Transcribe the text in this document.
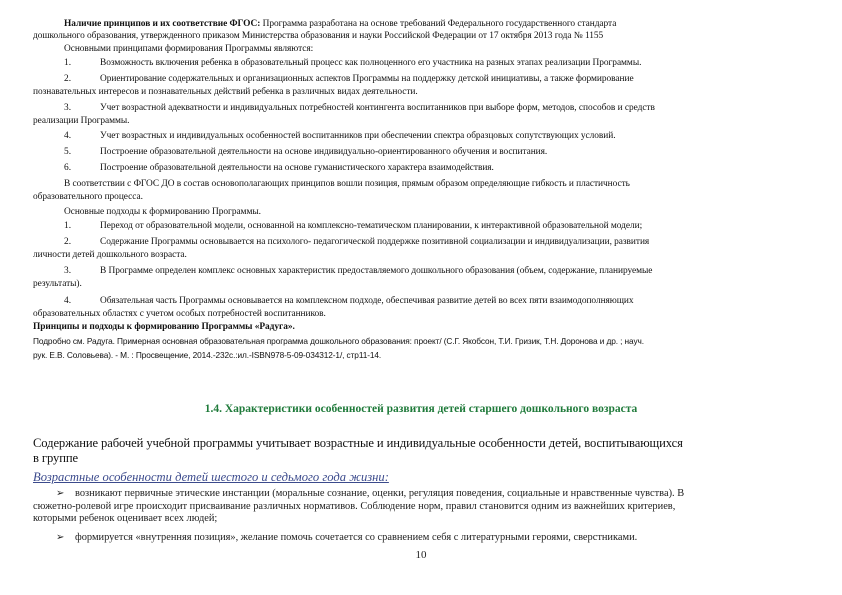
Наличие принципов и их соответствие ФГОС: Программа разработана на основе требований Федерального государственного стандарта
дошкольного образования, утвержденного приказом Министерства образования и науки Российской Федерации от 17 октября 2013 года № 1155
Основными принципами формирования Программы являются:
1.	Возможность включения ребенка в образовательный процесс как полноценного его участника на разных этапах реализации Программы.
2.	Ориентирование содержательных и организационных аспектов Программы на поддержку детской инициативы, а также формирование
познавательных интересов и познавательных действий ребенка в различных видах деятельности.
3.	Учет возрастной адекватности и индивидуальных потребностей контингента воспитанников при выборе форм, методов, способов и средств
реализации Программы.
4.	Учет возрастных и индивидуальных особенностей воспитанников при обеспечении спектра образцовых сопутствующих условий.
5.	Построение образовательной деятельности на основе индивидуально-ориентированного обучения и воспитания.
6.	Построение образовательной деятельности на основе гуманистического характера взаимодействия.
В соответствии с ФГОС ДО в состав основополагающих принципов вошли позиция, прямым образом определяющие гибкость и пластичность
образовательного процесса.
Основные подходы к формированию Программы.
1.	Переход от образовательной модели, основанной на комплексно-тематическом планировании, к интерактивной образовательной модели;
2.	Содержание Программы основывается на психолого- педагогической поддержке позитивной социализации и индивидуализации, развития
личности детей дошкольного возраста.
3.	В Программе определен комплекс основных характеристик предоставляемого дошкольного образования (объем, содержание, планируемые
результаты).
4.	Обязательная часть Программы основывается на комплексном подходе, обеспечивая развитие детей во всех пяти взаимодополняющих
образовательных областях с учетом особых потребностей воспитанников.
Принципы и подходы к формированию Программы «Радуга».
Подробно см. Радуга. Примерная основная образовательная программа дошкольного образования: проект/ (С.Г. Якобсон, Т.И. Гризик, Т.Н. Доронова и др. ; науч.
рук. Е.В. Соловьева). - М. : Просвещение, 2014.-232с.:ил.-ISBN978-5-09-034312-1/, стр11-14.
1.4. Характеристики особенностей развития детей старшего дошкольного возраста
Содержание рабочей учебной программы учитывает возрастные и индивидуальные особенности детей, воспитывающихся
в группе
Возрастные особенности детей шестого и седьмого года жизни:
➢	возникают первичные этические инстанции (моральные сознание, оценки, регуляция поведения, социальные и нравственные чувства). В
сюжетно-ролевой игре происходит присваивание различных нормативов. Соблюдение норм, правил становится одним из важнейших критериев,
которыми ребенок оценивает всех людей;
➢	формируется «внутренняя позиция», желание помочь сочетается со сравнением себя с литературными героями, сверстниками.
10
